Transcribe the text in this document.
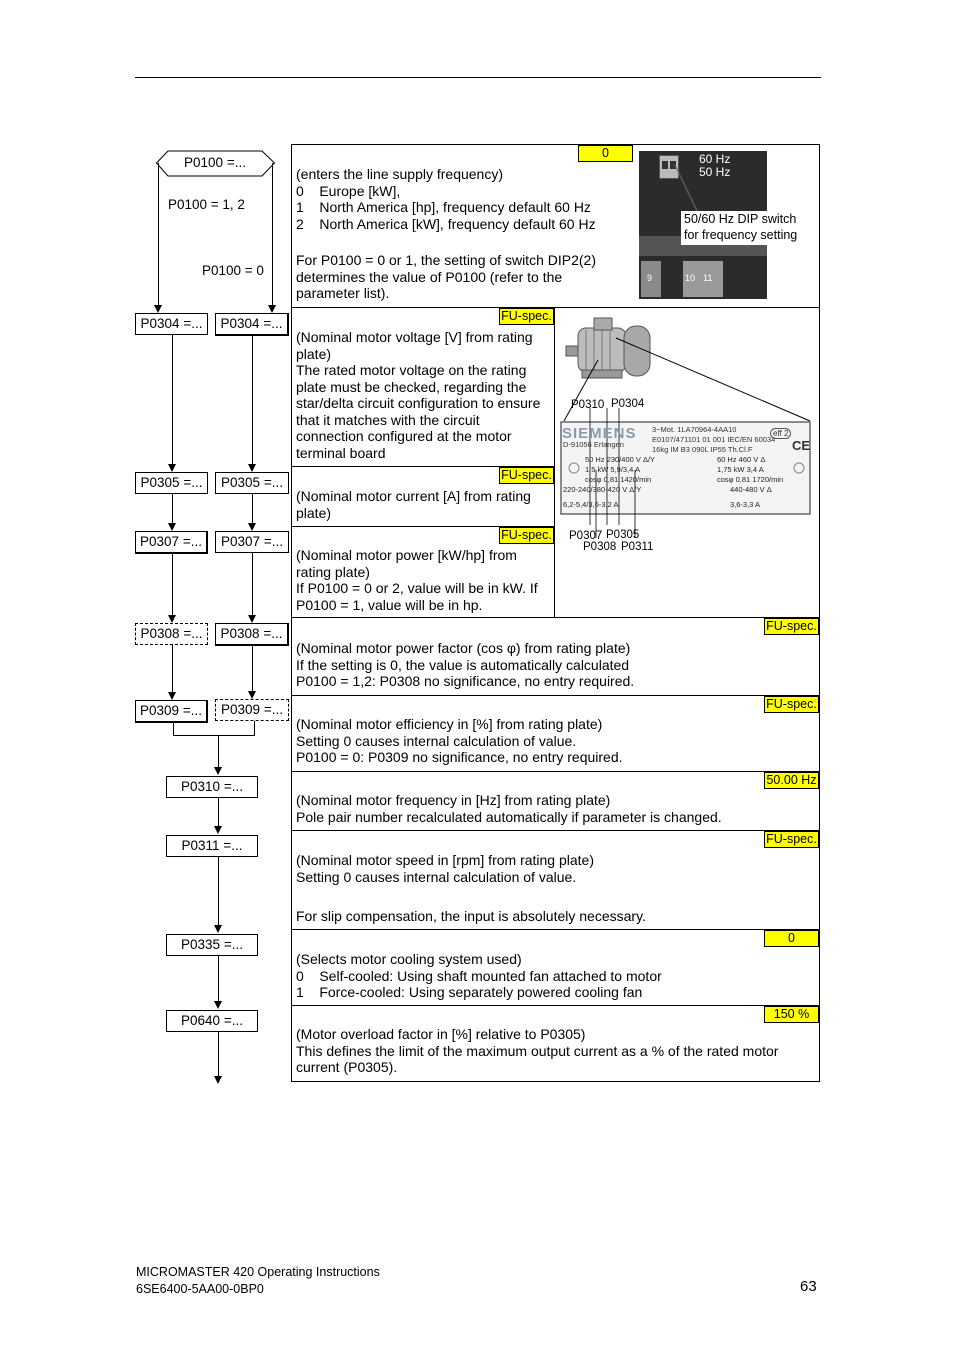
P0100 =...
P0100 = 1, 2
P0100 = 0
P0304 =...
P0305 =...
P0307 =...
P0308 =...
P0309 =...
P0304 =...
P0305 =...
P0307 =...
P0308 =...
P0309 =...
P0310 =...
P0311 =...
P0335 =...
P0640 =...
0
FU-spec.
FU-spec.
FU-spec.
FU-spec.
FU-spec.
50.00 Hz
FU-spec.
0
150 %
(enters the line supply frequency)
0    Europe [kW],
1    North America [hp], frequency default 60 Hz
2    North America [kW], frequency default 60 Hz
For P0100 = 0 or 1, the setting of switch DIP2(2)
determines the value of P0100 (refer to the
parameter list).
60 Hz
50 Hz
9	10 11
50/60 Hz DIP switch
for frequency setting
(Nominal motor voltage [V] from rating
plate)
The rated motor voltage on the rating
plate must be checked, regarding the
star/delta circuit configuration to ensure
that it matches with the circuit
connection configured at the motor
terminal board
(Nominal motor current [A] from rating
plate)
(Nominal motor power [kW/hp] from
rating plate)
If P0100 = 0 or 2, value will be in kW. If
P0100 = 1, value will be in hp.
P0310 P0304
SIEMENS 3~Mot. 1LA70964-4AA10
E0107/471101 01 001 IEC/EN 60034
16kg IM B3 090L IP55 Th.Cl.F
D-91056 Erlangen
eff 2
CE
50 Hz 230/400 V Δ/Y
1,5 kW 5,9/3,4 A
cosφ 0,81 1420/min
220-240/380-420 V Δ/Y
6,2-5,4/3,6-3,2 A
60 Hz 460 V Δ
1,75 kW 3,4 A
cosφ 0,81 1720/min
440-480 V Δ
3,6-3,3 A
P0307 P0305
P0308 P0311
(Nominal motor power factor (cos φ) from rating plate)
If the setting is 0, the value is automatically calculated
P0100 = 1,2: P0308 no significance, no entry required.
(Nominal motor efficiency in [%] from rating plate)
Setting 0 causes internal calculation of value.
P0100 = 0: P0309 no significance, no entry required.
(Nominal motor frequency in [Hz] from rating plate)
Pole pair number recalculated automatically if parameter is changed.
(Nominal motor speed in [rpm] from rating plate)
Setting 0 causes internal calculation of value.
For slip compensation, the input is absolutely necessary.
(Selects motor cooling system used)
0    Self-cooled: Using shaft mounted fan attached to motor
1    Force-cooled: Using separately powered cooling fan
(Motor overload factor in [%] relative to P0305)
This defines the limit of the maximum output current as a % of the rated motor
current (P0305).
MICROMASTER 420 Operating Instructions
6SE6400-5AA00-0BP0	63
